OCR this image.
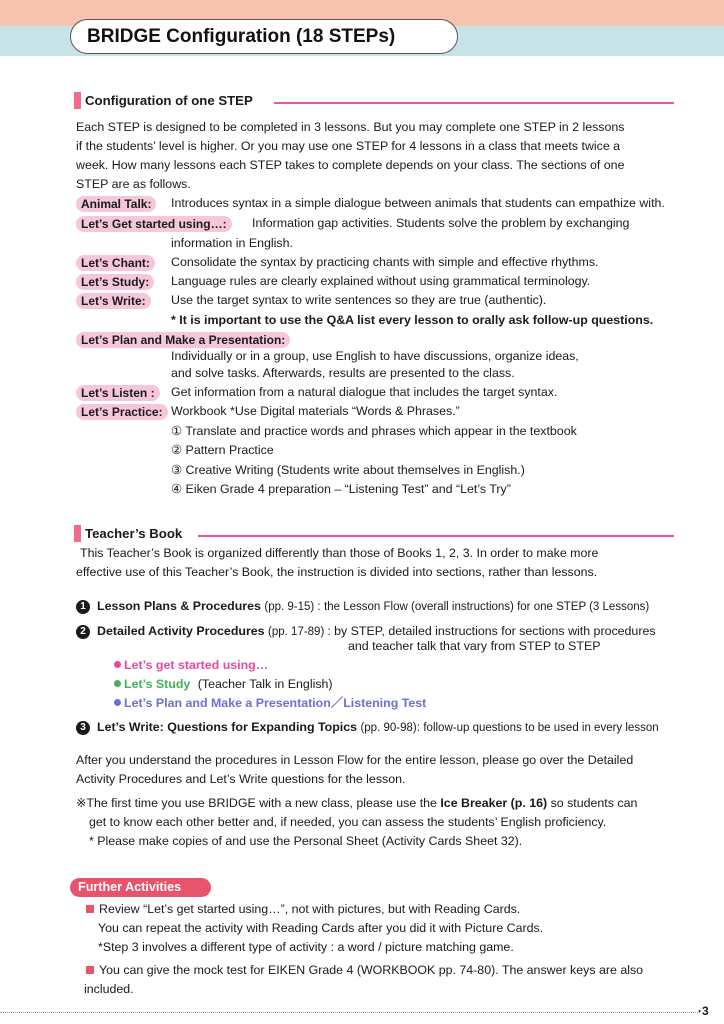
BRIDGE Configuration (18 STEPs)
Configuration of one STEP
Each STEP is designed to be completed in 3 lessons. But you may complete one STEP in 2 lessons
if the students’ level is higher. Or you may use one STEP for 4 lessons in a class that meets twice a
week. How many lessons each STEP takes to complete depends on your class. The sections of one
STEP are as follows.
Animal Talk:	Introduces syntax in a simple dialogue between animals that students can empathize with.
Let’s Get started using…:	Information gap activities. Students solve the problem by exchanging
information in English.
Let’s Chant:	Consolidate the syntax by practicing chants with simple and effective rhythms.
Let’s Study:	Language rules are clearly explained without using grammatical terminology.
Let’s Write:	Use the target syntax to write sentences so they are true (authentic).
* It is important to use the Q&A list every lesson to orally ask follow-up questions.
Let’s Plan and Make a Presentation:
Individually or in a group, use English to have discussions, organize ideas,
and solve tasks. Afterwards, results are presented to the class.
Let’s Listen :	Get information from a natural dialogue that includes the target syntax.
Let’s Practice: Workbook *Use Digital materials “Words & Phrases.”
① Translate and practice words and phrases which appear in the textbook
② Pattern Practice
③ Creative Writing (Students write about themselves in English.)
④ Eiken Grade 4 preparation – “Listening Test” and “Let’s Try”
Teacher’s Book
This Teacher’s Book is organized differently than those of Books 1, 2, 3. In order to make more
effective use of this Teacher’s Book, the instruction is divided into sections, rather than lessons.
1 Lesson Plans & Procedures (pp. 9-15) : the Lesson Flow (overall instructions) for one STEP (3 Lessons)
2 Detailed Activity Procedures (pp. 17-89) : by STEP, detailed instructions for sections with procedures
and teacher talk that vary from STEP to STEP
Let’s get started using…
Let’s Study (Teacher Talk in English)
Let’s Plan and Make a Presentation／Listening Test
3 Let’s Write: Questions for Expanding Topics (pp. 90-98): follow-up questions to be used in every lesson
After you understand the procedures in Lesson Flow for the entire lesson, please go over the Detailed
Activity Procedures and Let’s Write questions for the lesson.
※The first time you use BRIDGE with a new class, please use the Ice Breaker (p. 16) so students can
get to know each other better and, if needed, you can assess the students’ English proficiency.
* Please make copies of and use the Personal Sheet (Activity Cards Sheet 32).
Further Activities
Review “Let’s get started using…”, not with pictures, but with Reading Cards.
You can repeat the activity with Reading Cards after you did it with Picture Cards.
*Step 3 involves a different type of activity : a word / picture matching game.
You can give the mock test for EIKEN Grade 4 (WORKBOOK pp. 74-80). The answer keys are also
included.
·3
